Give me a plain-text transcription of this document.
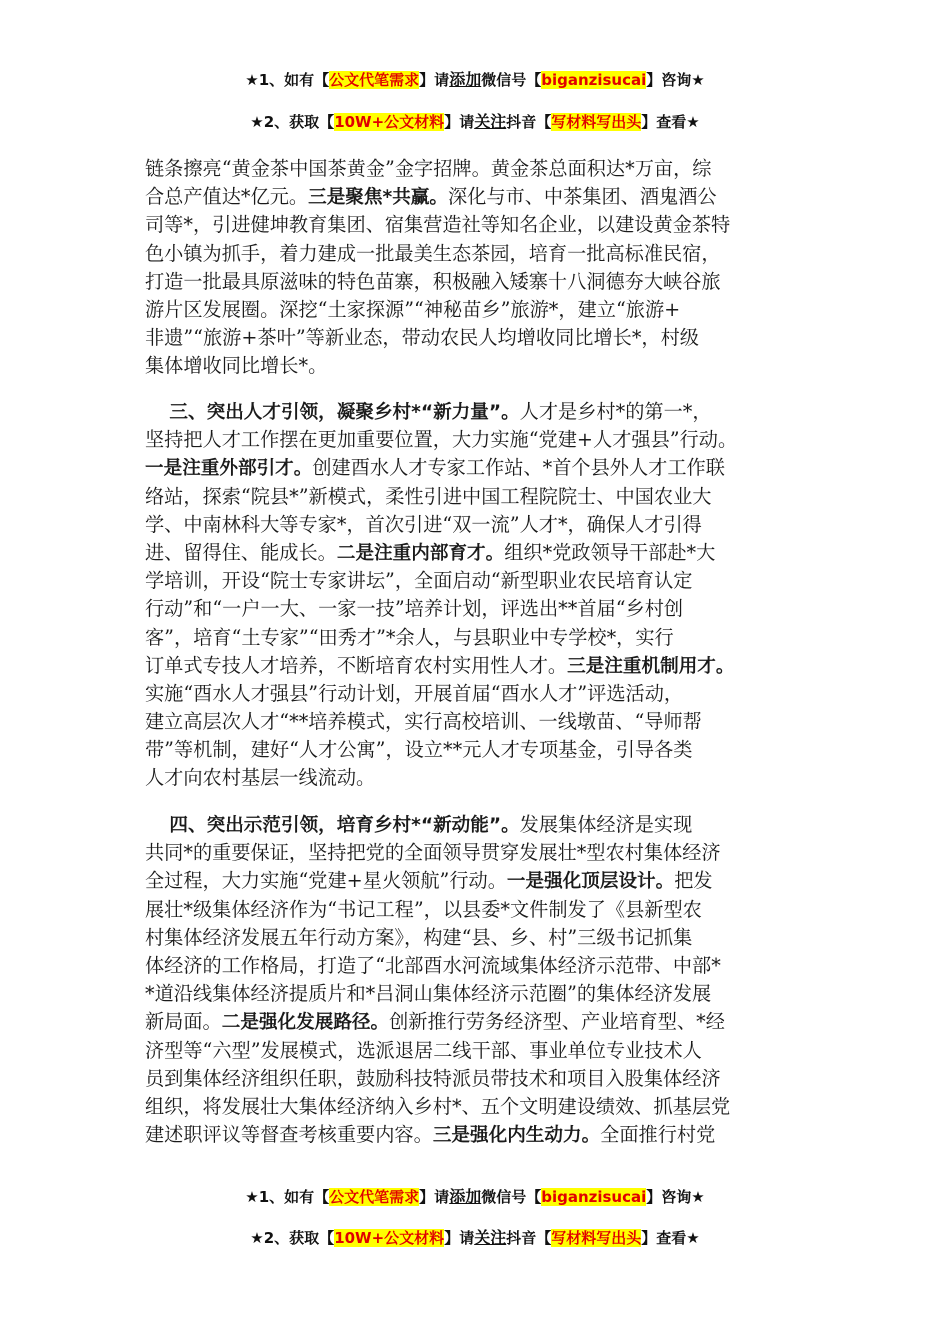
★1、如有【公文代笔需求】请添加微信号【biganzisucai】咨询★
★2、获取【10W+公文材料】请关注抖音【写材料写出头】查看★
链条擦亮“黄金茶中国茶黄金”金字招牌。黄金茶总面积达*万亩，综
合总产值达*亿元。三是聚焦*共赢。深化与市、中茶集团、酒鬼酒公
司等*，引进健坤教育集团、宿集营造社等知名企业，以建设黄金茶特
色小镇为抓手，着力建成一批最美生态茶园，培育一批高标准民宿，
打造一批最具原滋味的特色苗寨，积极融入矮寨十八洞德夯大峡谷旅
游片区发展圈。深挖“土家探源”“神秘苗乡”旅游*，建立“旅游+
非遗”“旅游+茶叶”等新业态，带动农民人均增收同比增长*，村级
集体增收同比增长*。
三、突出人才引领，凝聚乡村*“新力量”。人才是乡村*的第一*，
坚持把人才工作摆在更加重要位置，大力实施“党建+人才强县”行动。
一是注重外部引才。创建酉水人才专家工作站、*首个县外人才工作联
络站，探索“院县*”新模式，柔性引进中国工程院院士、中国农业大
学、中南林科大等专家*，首次引进“双一流”人才*，确保人才引得
进、留得住、能成长。二是注重内部育才。组织*党政领导干部赴*大
学培训，开设“院士专家讲坛”，全面启动“新型职业农民培育认定
行动”和“一户一大、一家一技”培养计划，评选出**首届“乡村创
客”，培育“土专家”“田秀才”*余人，与县职业中专学校*，实行
订单式专技人才培养，不断培育农村实用性人才。三是注重机制用才。
实施“酉水人才强县”行动计划，开展首届“酉水人才”评选活动，
建立高层次人才“**培养模式，实行高校培训、一线墩苗、“导师帮
带”等机制，建好“人才公寓”，设立**元人才专项基金，引导各类
人才向农村基层一线流动。
四、突出示范引领，培育乡村*“新动能”。发展集体经济是实现
共同*的重要保证，坚持把党的全面领导贯穿发展壮*型农村集体经济
全过程，大力实施“党建+星火领航”行动。一是强化顶层设计。把发
展壮*级集体经济作为“书记工程”，以县委*文件制发了《县新型农
村集体经济发展五年行动方案》，构建“县、乡、村”三级书记抓集
体经济的工作格局，打造了“北部酉水河流域集体经济示范带、中部*
*道沿线集体经济提质片和*吕洞山集体经济示范圈”的集体经济发展
新局面。二是强化发展路径。创新推行劳务经济型、产业培育型、*经
济型等“六型”发展模式，选派退居二线干部、事业单位专业技术人
员到集体经济组织任职，鼓励科技特派员带技术和项目入股集体经济
组织，将发展壮大集体经济纳入乡村*、五个文明建设绩效、抓基层党
建述职评议等督查考核重要内容。三是强化内生动力。全面推行村党
★1、如有【公文代笔需求】请添加微信号【biganzisucai】咨询★
★2、获取【10W+公文材料】请关注抖音【写材料写出头】查看★
